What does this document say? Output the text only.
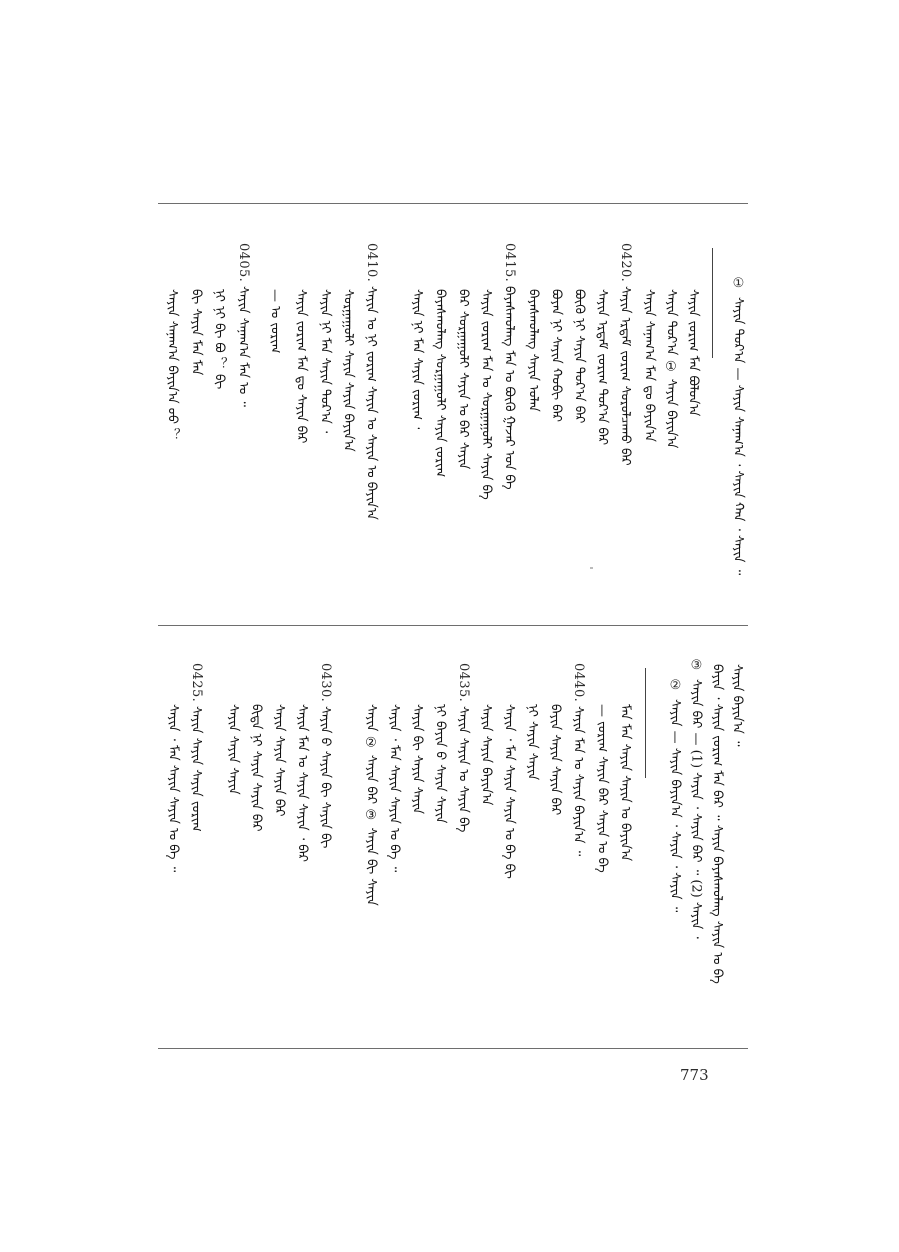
①
ᠰᠠᠶᠢᠨ ᠳᠤᠷ᠎ᠠ — ᠰᠠᠶᠢᠨ ᠰᠠᠨᠠᠭ᠎ᠠ ᠂ ᠰᠠᠶᠢᠨ ᠬᠠᠨ ᠂ ᠰᠠᠶᠢᠨ ᠃
ᠰᠠᠶᠢᠨ ᠵᠣᠷᠢᠭ ᠮᠠᠨ ᠪᠤᠯᠤᠨ᠎ᠠ
ᠰᠠᠶᠢᠨ ᠳᠤᠷ᠎ᠠ ① ᠰᠠᠶᠢᠨ ᠪᠠᠶᠢᠨ᠎ᠠ
ᠰᠠᠶᠢᠨ ᠰᠠᠨᠠᠭ᠎ᠠ ᠮᠠᠨ ᠳᠤ ᠪᠠᠶᠢᠨ᠎ᠠ
0420.
ᠰᠠᠶᠢᠨ ᠡᠷᠳᠡᠮ ᠵᠣᠷᠢᠭ ᠰᠤᠷᠤᠯᠴᠠᠬᠤ ᠪᠠᠷ
ᠰᠠᠶᠢᠨ ᠡᠷᠳᠡᠮ ᠵᠣᠷᠢᠭ ᠳᠤᠷ᠎ᠠ ᠪᠠᠷ
ᠪᠦᠬᠦ ᠨᠢ ᠰᠠᠶᠢᠨ ᠳᠤᠷ᠎ᠠ ᠪᠠᠷ
ᠪᠤᠶᠠᠨ ᠨᠢ ᠰᠠᠶᠢᠨ ᠬᠤᠪᠢ ᠪᠠᠷ
ᠪᠠᠶᠠᠰᠬᠤᠯᠠᠩ ᠰᠠᠶᠢᠨ ᠤᠯᠠᠨ
0415.
ᠪᠠᠶᠠᠰᠬᠤᠯᠠᠩ ᠮᠠᠨ ᠤ ᠪᠦᠬᠦ ᠭᠠᠵᠠᠷ ᠤᠨ ᠪᠠ
ᠰᠠᠶᠢᠨ ᠵᠣᠷᠢᠭ ᠮᠠᠨ ᠤ ᠰᠤᠷᠭᠠᠭᠤᠯᠢ ᠰᠠᠶᠢᠨ ᠪᠠ
ᠪᠠᠷ ᠰᠤᠷᠭᠠᠭᠤᠯᠢ ᠰᠠᠶᠢᠨ ᠤ ᠪᠠᠷ ᠰᠠᠶᠢᠨ
ᠪᠠᠶᠠᠰᠬᠤᠯᠠᠩ ᠰᠤᠷᠭᠠᠭᠤᠯᠢ ᠰᠠᠶᠢᠨ ᠵᠣᠷᠢᠭ
ᠰᠠᠶᠢᠨ ᠨᠢ ᠮᠠᠨ ᠰᠠᠶᠢᠨ ᠵᠣᠷᠢᠭ ᠂
0410.
ᠰᠠᠶᠢᠨ ᠤ ᠨᠢ ᠵᠣᠷᠢᠭ ᠰᠠᠶᠢᠨ ᠤ ᠰᠠᠶᠢᠨ ᠤ ᠪᠠᠶᠢᠨ᠎ᠠ
ᠰᠤᠷᠭᠠᠭᠤᠯᠢ ᠰᠠᠶᠢᠨ ᠰᠠᠶᠢᠨ ᠪᠠᠶᠢᠨ᠎ᠠ
ᠰᠠᠶᠢᠨ ᠨᠢ ᠮᠠᠨ ᠰᠠᠶᠢᠨ ᠳᠤᠷ᠎ᠠ ᠂
ᠰᠠᠶᠢᠨ ᠵᠣᠷᠢᠭ ᠮᠠᠨ ᠳᠤ ᠰᠠᠶᠢᠨ ᠪᠠᠷ
— ᠤ ᠵᠣᠷᠢᠭ
0405.
ᠰᠠᠶᠢᠨ ᠰᠠᠨᠠᠭ᠎ᠠ ᠮᠠᠨ ᠤ ᠃
ᠨᠢ ᠨᠢ ᠪᠢ ᠪᠤ ？ ᠪᠢ
ᠪᠢ ᠰᠠᠶᠢᠨ ᠮᠠᠨ ᠮᠠᠨ
ᠰᠠᠶᠢᠨ ᠰᠠᠨᠠᠭ᠎ᠠ ᠪᠠᠶᠢᠨ᠎ᠠ ᠤᠤ ？
ᠰᠠᠶᠢᠨ ᠪᠠᠶᠢᠨ᠎ᠠ ᠃
ᠪᠠᠶᠢᠨ ᠂ ᠰᠠᠶᠢᠨ ᠵᠣᠷᠢᠭ ᠮᠠᠨ ᠪᠠᠷ ᠃ ᠰᠠᠶᠢᠨ ᠪᠠᠶᠠᠰᠬᠤᠯᠠᠩ ᠰᠠᠶᠢᠨ ᠤ ᠪᠠ
③
ᠰᠠᠶᠢᠨ ᠪᠠᠷ — (1) ᠰᠠᠶᠢᠨ ᠂ ᠰᠠᠶᠢᠨ ᠪᠠᠷ ᠃ (2) ᠰᠠᠶᠢᠨ ᠂
②
ᠰᠠᠶᠢᠨ — ᠰᠠᠶᠢᠨ ᠪᠠᠶᠢᠨ᠎ᠠ ᠂ ᠰᠠᠶᠢᠨ ᠂ ᠰᠠᠶᠢᠨ ᠃
ᠮᠠᠨ ᠮᠠᠨ ᠰᠠᠶᠢᠨ ᠰᠠᠶᠢᠨ ᠤ ᠪᠠᠶᠢᠨ᠎ᠠ
— ᠵᠣᠷᠢᠭ ᠰᠠᠶᠢᠨ ᠪᠠᠷ ᠰᠠᠶᠢᠨ ᠤ ᠪᠠ
0440.
ᠰᠠᠶᠢᠨ ᠮᠠᠨ ᠤ ᠰᠠᠶᠢᠨ ᠪᠠᠶᠢᠨ᠎ᠠ ᠃
ᠪᠠᠶᠢᠨ ᠰᠠᠶᠢᠨ ᠰᠠᠶᠢᠨ ᠪᠠᠷ
ᠨᠢ ᠰᠠᠶᠢᠨ ᠰᠠᠶᠢᠨ
ᠰᠠᠶᠢᠨ ᠂ ᠮᠠᠨ ᠰᠠᠶᠢᠨ ᠰᠠᠶᠢᠨ ᠤ ᠪᠠ ᠪᠢ
ᠰᠠᠶᠢᠨ ᠰᠠᠶᠢᠨ ᠪᠠᠶᠢᠨ᠎ᠠ
0435.
ᠰᠠᠶᠢᠨ ᠰᠠᠶᠢᠨ ᠤ ᠰᠠᠶᠢᠨ ᠪᠠ
ᠨᠢ ᠪᠠᠶᠢᠨ ᠪ ᠰᠠᠶᠢᠨ ᠰᠠᠶᠢᠨ
ᠰᠠᠶᠢᠨ ᠪᠢ ᠰᠠᠶᠢᠨ ᠰᠠᠶᠢᠨ
ᠰᠠᠶᠢᠨ ᠂ ᠮᠠᠨ ᠰᠠᠶᠢᠨ ᠰᠠᠶᠢᠨ ᠤ ᠪᠠ ᠃
ᠰᠠᠶᠢᠨ ② ᠰᠠᠶᠢᠨ ᠪᠠᠷ ③ ᠰᠠᠶᠢᠨ ᠪᠢ ᠰᠠᠶᠢᠨ
0430.
ᠰᠠᠶᠢᠨ ᠪ ᠰᠠᠶᠢᠨ ᠪᠢ ᠰᠠᠶᠢᠨ ᠪᠢ
ᠰᠠᠶᠢᠨ ᠮᠠᠨ ᠤ ᠰᠠᠶᠢᠨ ᠰᠠᠶᠢᠨ ᠂ ᠪᠠᠷ
ᠰᠠᠶᠢᠨ ᠰᠠᠶᠢᠨ ᠰᠠᠶᠢᠨ ᠪᠠᠷ
ᠪᠢᠳᠠ ᠨᠢ ᠰᠠᠶᠢᠨ ᠰᠠᠶᠢᠨ ᠪᠠᠷ
ᠰᠠᠶᠢᠨ ᠰᠠᠶᠢᠨ ᠰᠠᠶᠢᠨ
0425.
ᠰᠠᠶᠢᠨ ᠰᠠᠶᠢᠨ ᠰᠠᠶᠢᠨ ᠵᠣᠷᠢᠭ
ᠰᠠᠶᠢᠨ ᠂ ᠮᠠᠨ ᠰᠠᠶᠢᠨ ᠰᠠᠶᠢᠨ ᠤ ᠪᠠ ᠃
773
